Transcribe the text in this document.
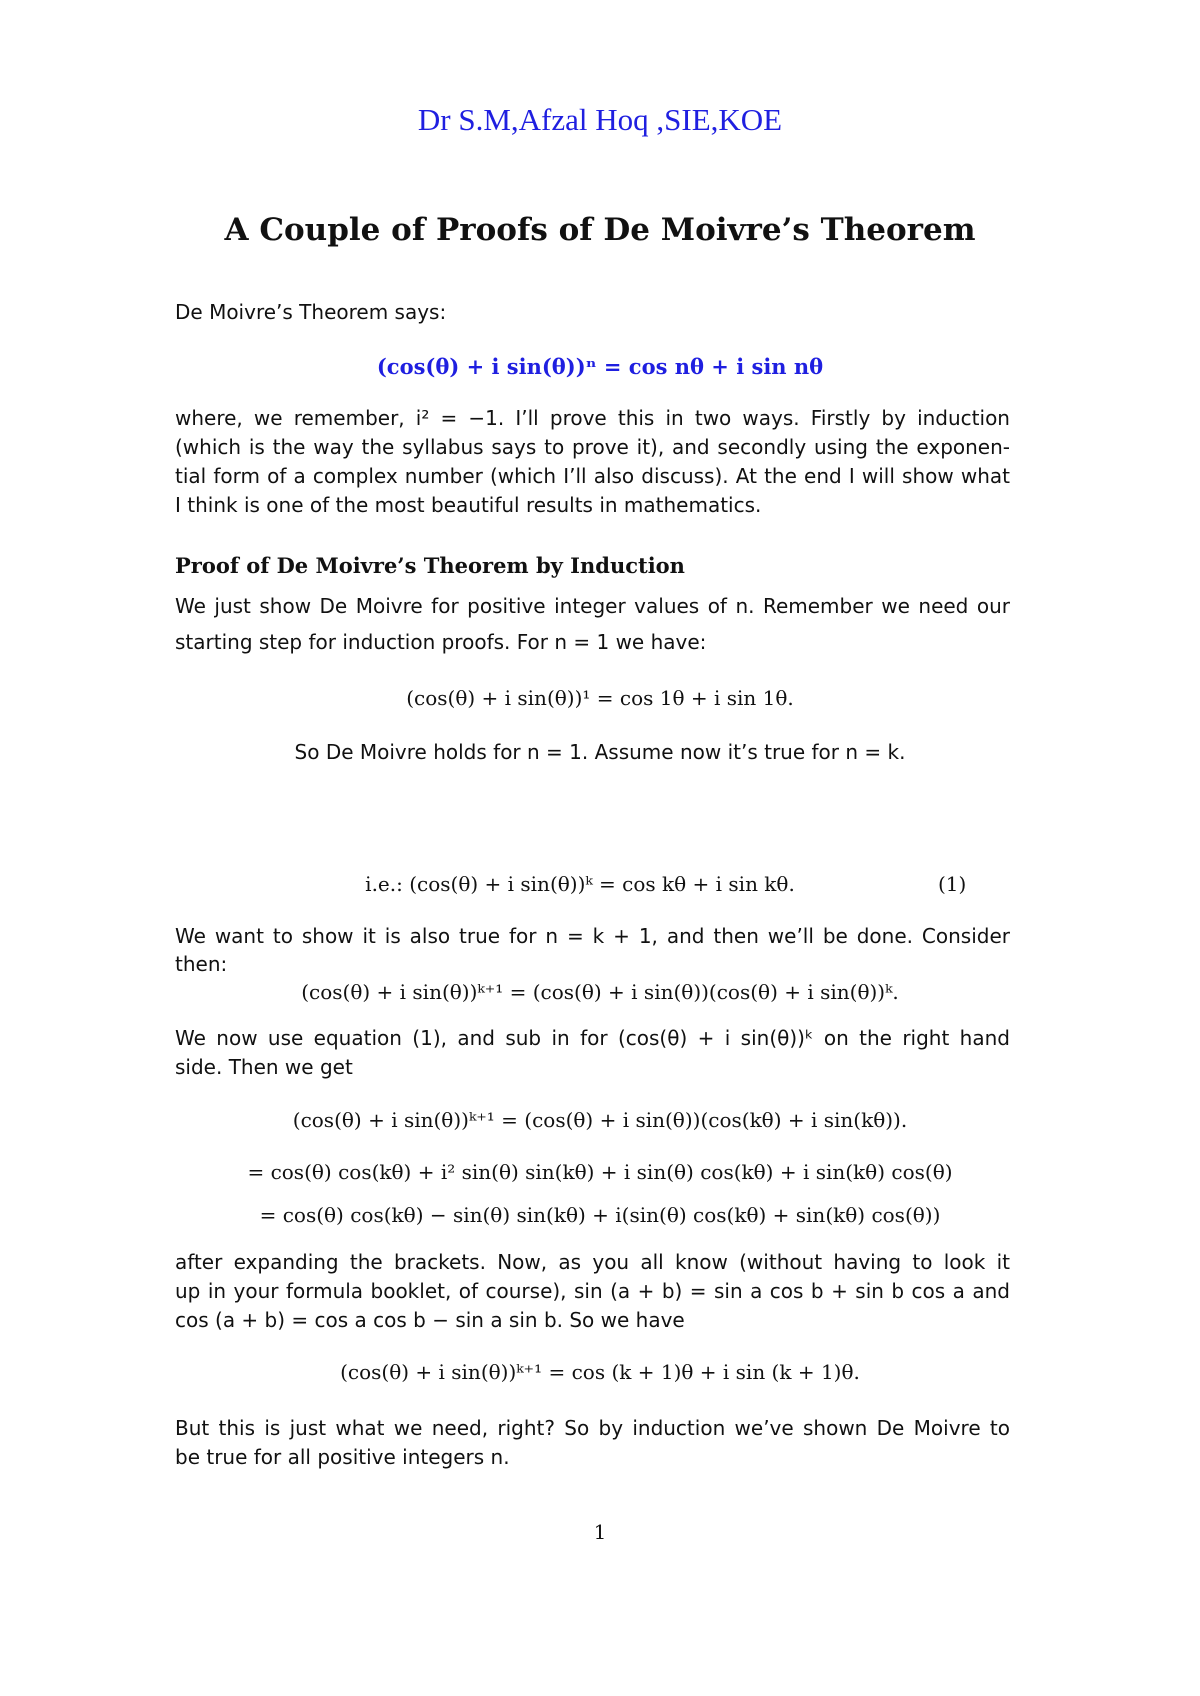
Dr S.M,Afzal Hoq ,SIE,KOE
A Couple of Proofs of De Moivre’s Theorem
De Moivre’s Theorem says:
(cos(θ) + i sin(θ))ⁿ = cos nθ + i sin nθ
where, we remember, i² = −1. I’ll prove this in two ways. Firstly by induction
(which is the way the syllabus says to prove it), and secondly using the exponen-
tial form of a complex number (which I’ll also discuss). At the end I will show what
I think is one of the most beautiful results in mathematics.
Proof of De Moivre’s Theorem by Induction
We just show De Moivre for positive integer values of n. Remember we need our
starting step for induction proofs. For n = 1 we have:
(cos(θ) + i sin(θ))¹ = cos 1θ + i sin 1θ.
So De Moivre holds for n = 1. Assume now it’s true for n = k.
i.e.: (cos(θ) + i sin(θ))ᵏ = cos kθ + i sin kθ.	(1)
We want to show it is also true for n = k + 1, and then we’ll be done. Consider
then:
(cos(θ) + i sin(θ))ᵏ⁺¹ = (cos(θ) + i sin(θ))(cos(θ) + i sin(θ))ᵏ.
We now use equation (1), and sub in for (cos(θ) + i sin(θ))ᵏ on the right hand
side. Then we get
(cos(θ) + i sin(θ))ᵏ⁺¹ = (cos(θ) + i sin(θ))(cos(kθ) + i sin(kθ)).
= cos(θ) cos(kθ) + i² sin(θ) sin(kθ) + i sin(θ) cos(kθ) + i sin(kθ) cos(θ)
= cos(θ) cos(kθ) − sin(θ) sin(kθ) + i(sin(θ) cos(kθ) + sin(kθ) cos(θ))
after expanding the brackets. Now, as you all know (without having to look it
up in your formula booklet, of course), sin (a + b) = sin a cos b + sin b cos a and
cos (a + b) = cos a cos b − sin a sin b. So we have
(cos(θ) + i sin(θ))ᵏ⁺¹ = cos (k + 1)θ + i sin (k + 1)θ.
But this is just what we need, right? So by induction we’ve shown De Moivre to
be true for all positive integers n.
1
